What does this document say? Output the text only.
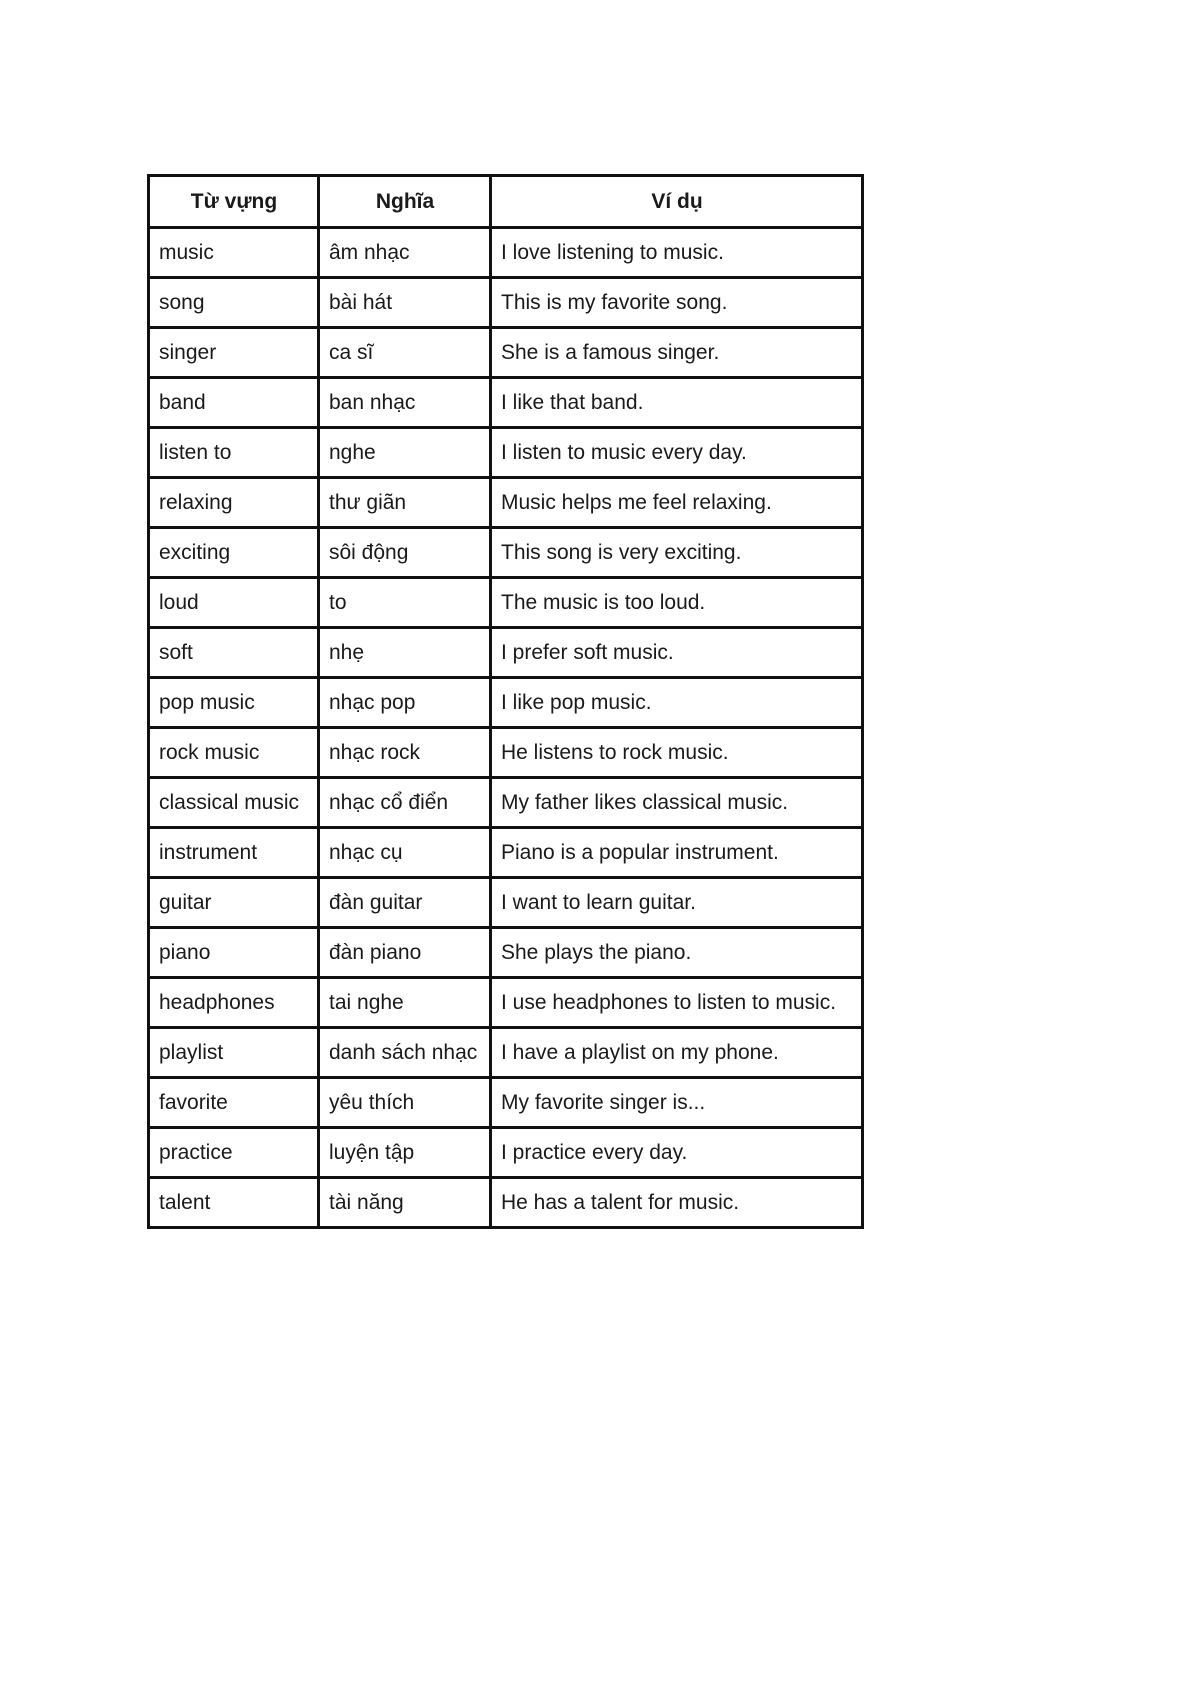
Từ vựng	Nghĩa	Ví dụ
music	âm nhạc	I love listening to music.
song	bài hát	This is my favorite song.
singer	ca sĩ	She is a famous singer.
band	ban nhạc	I like that band.
listen to	nghe	I listen to music every day.
relaxing	thư giãn	Music helps me feel relaxing.
exciting	sôi động	This song is very exciting.
loud	to	The music is too loud.
soft	nhẹ	I prefer soft music.
pop music	nhạc pop	I like pop music.
rock music	nhạc rock	He listens to rock music.
classical music	nhạc cổ điển	My father likes classical music.
instrument	nhạc cụ	Piano is a popular instrument.
guitar	đàn guitar	I want to learn guitar.
piano	đàn piano	She plays the piano.
headphones	tai nghe	I use headphones to listen to music.
playlist	danh sách nhạc	I have a playlist on my phone.
favorite	yêu thích	My favorite singer is...
practice	luyện tập	I practice every day.
talent	tài năng	He has a talent for music.
